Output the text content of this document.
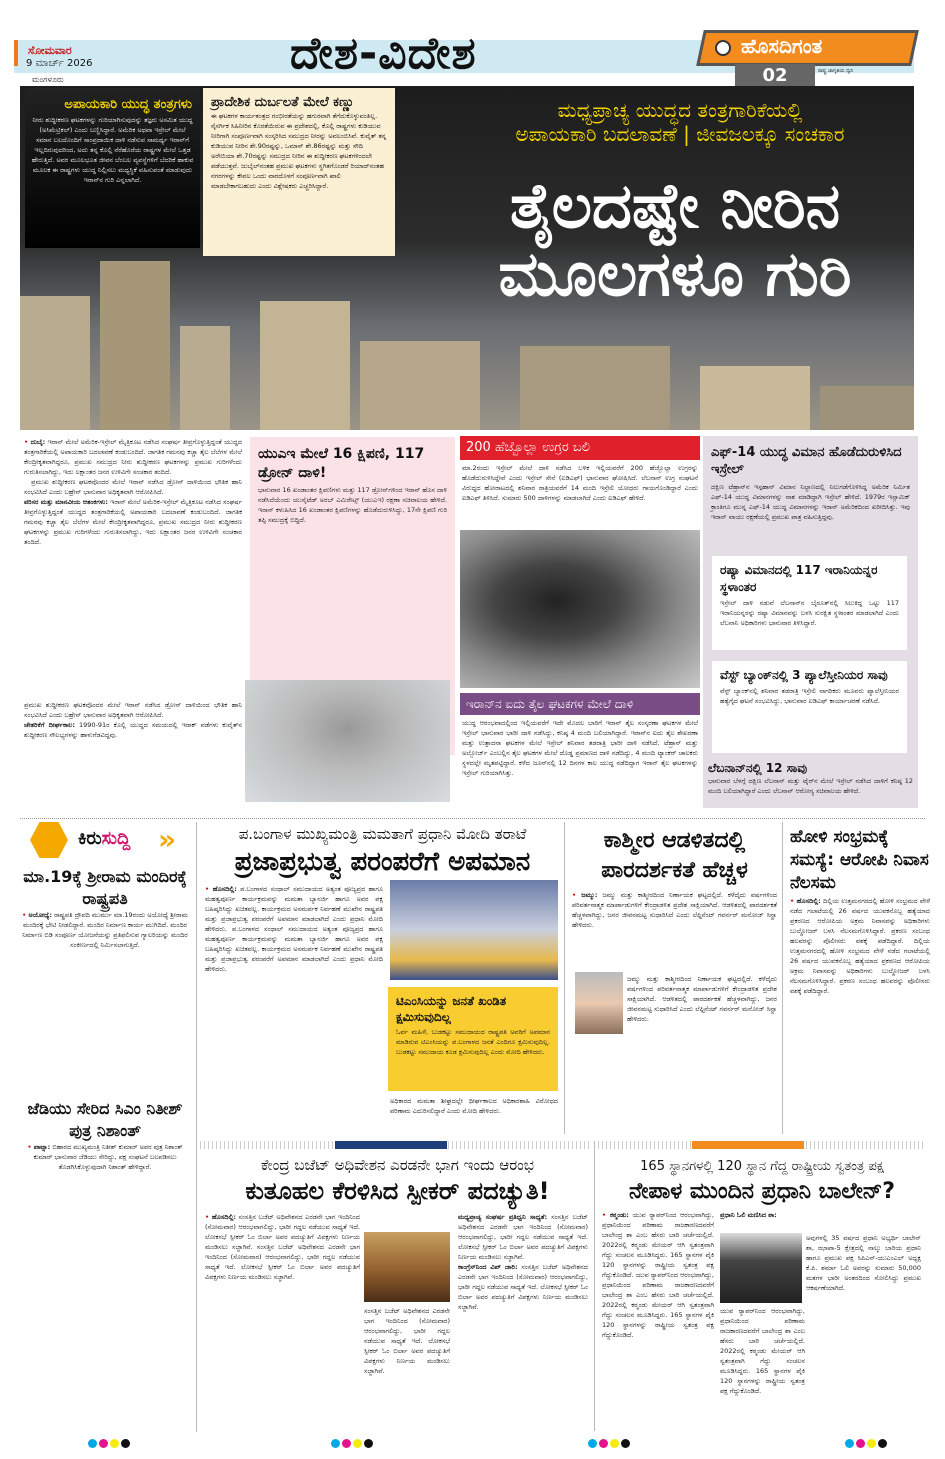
ಸೋಮವಾರ
9 ಮಾರ್ಚ್ 2026
ಮಂಗಳೂರು
ದೇಶ-ವಿದೇಶ	ಹೊಸದಿಗಂತ
ರಾಷ್ಟ್ರ ಜಾಗೃತಿಯ ಧ್ವನಿ
02
ಅಪಾಯಕಾರಿ ಯುದ್ಧ ತಂತ್ರಗಳು

ನೀರು ಶುದ್ಧೀಕರಣ ಘಟಕಗಳನ್ನು ಗುರಿಯಾಗಿಸುವುದನ್ನು ತಜ್ಞರು ಅಸಮಿತ ಯುದ್ಧ (ಅಸಿಮೆಟ್ರಿಕಲ್) ಎಂದು ಬಣ್ಣಿಸಿದ್ದಾರೆ. ಅಮೆರಿಕ ಅಥವಾ ಇಸ್ರೇಲ್ ಮೇಲೆ ಸಮಾನ ಬಲದೊಂದಿಗೆ ಸಾಂಪ್ರದಾಯಿಕ ದಾಳಿ ನಡೆಸುವ ಸಾಮರ್ಥ್ಯ ಇರಾನ್‌ಗೆ ಇಲ್ಲದಿರುವುದರಿಂದ, ಅದು ತನ್ನ ಕೊಲ್ಲಿ ನೆರೆಹೊರೆಯ ರಾಷ್ಟ್ರಗಳ ಮೇಲೆ ಒತ್ತಡ ಹೇರುತ್ತಿದೆ. ಅವರ ಮೂಲಭೂತ ಜೀವನ ಬೆಂಬಲ ವ್ಯವಸ್ಥೆಗಳಿಗೆ ಬೆದರಿಕೆ ಹಾಕುವ ಮೂಲಕ ಈ ರಾಷ್ಟ್ರಗಳು ಯುದ್ಧ ನಿಲ್ಲಿಸಲು ಮಧ್ಯಸ್ಥಿಕೆ ವಹಿಸುವಂತೆ ಮಾಡುವುದು ಇರಾನ್‌ನ ಗುರಿ ಎನ್ನಲಾಗಿದೆ.

ಪ್ರಾದೇಶಿಕ ದುರ್ಬಲತೆ ಮೇಲೆ ಕಣ್ಣು

ಈ ಘಟಕಗಳ ಕಾರ್ಯತಂತ್ರದ ಗಂಭೀರತೆಯನ್ನು ಹಗುರವಾಗಿ ತೆಗೆದುಕೊಳ್ಳುವಂತಿಲ್ಲ. ನೈಸರ್ಗಿಕ ಸಿಹಿನೀರಿನ ಕೊರತೆಯಿರುವ ಈ ಪ್ರದೇಶದಲ್ಲಿ, ಕೊಲ್ಲಿ ರಾಷ್ಟ್ರಗಳು ಕುಡಿಯುವ ನೀರಿಗಾಗಿ ಸಂಪೂರ್ಣವಾಗಿ ಸಂಸ್ಕರಿಸಿದ ಸಮುದ್ರದ ನೀರನ್ನು ಅವಲಂಬಿಸಿವೆ. ಕುವೈತ್ ತನ್ನ ಕುಡಿಯುವ ನೀರಿನ ಶೇ.90ರಷ್ಟನ್ನು, ಒಮಾನ್ ಶೇ.86ರಷ್ಟನ್ನು ಮತ್ತು ಸೌದಿ ಅರೇಬಿಯಾ ಶೇ.70ರಷ್ಟನ್ನು ಸಮುದ್ರದ ನೀರಿನ ಈ ಶುದ್ಧೀಕರಣ ಘಟಕಗಳಿಂದಲೇ ಪಡೆಯುತ್ತವೆ. ಜುಬೈಲ್‌ನಂತಹ ಪ್ರಮುಖ ಘಟಕಗಳು ಸ್ಥಗಿತಗೊಂಡರೆ ರಿಯಾದ್‌ನಂತಹ ನಗರಗಳನ್ನು ಕೇವಲ ಒಂದು ವಾರದೊಳಗೆ ಸಂಪೂರ್ಣವಾಗಿ ಖಾಲಿ ಮಾಡಬೇಕಾಗಬಹುದು ಎಂದು ವಿಶ್ಲೇಷಕರು ಎಚ್ಚರಿಸಿದ್ದಾರೆ.

ಮಧ್ಯಪ್ರಾಚ್ಯ ಯುದ್ಧದ ತಂತ್ರಗಾರಿಕೆಯಲ್ಲಿ
ಅಪಾಯಕಾರಿ ಬದಲಾವಣೆ | ಜೀವಜಲಕ್ಕೂ ಸಂಚಕಾರ
ತೈಲದಷ್ಟೇ ನೀರಿನ
ಮೂಲಗಳೂ ಗುರಿ
• ದುಬೈ: ಇರಾನ್ ಮೇಲೆ ಅಮೆರಿಕ-ಇಸ್ರೇಲ್ ಮೈತ್ರಿಕೂಟ ನಡೆಸಿದ ಸಂಘರ್ಷ ತೀವ್ರಗೊಳ್ಳುತ್ತಿದ್ದಂತೆ ಯುದ್ಧದ ತಂತ್ರಗಾರಿಕೆಯಲ್ಲಿ ಅಪಾಯಕಾರಿ ಬದಲಾವಣೆ ಕಂಡುಬಂದಿದೆ. ಜಾಗತಿಕ ಗಮನವು ಕಚ್ಚಾ ತೈಲ ಬೆಲೆಗಳ ಮೇಲೆ ಕೇಂದ್ರೀಕೃತವಾಗಿದ್ದರೂ, ಪ್ರಮುಖ ಸಮುದ್ರದ ನೀರು ಶುದ್ಧೀಕರಣ ಘಟಕಗಳನ್ನು ಪ್ರಮುಖ ಗುರಿಗಳೆಂದು ಗುರುತಿಸಲಾಗಿದ್ದು, ಇದು ಲಕ್ಷಾಂತರ ಜನರ ಉಳಿವಿಗೇ ಸಂಚಕಾರ ತಂದಿದೆ.
ಪ್ರಮುಖ ಶುದ್ಧೀಕರಣ ಘಟಕವೊಂದರ ಮೇಲೆ ಇರಾನ್ ನಡೆಸಿದ ಡ್ರೋನ್ ದಾಳಿಯಿಂದ ಭೌತಿಕ ಹಾನಿ ಸಂಭವಿಸಿದೆ ಎಂದು ಬಹ್ರೇನ್ ಭಾನುವಾರ ಅಧಿಕೃತವಾಗಿ ಆರೋಪಿಸಿದೆ.
ಪರಿಸರ ಮತ್ತು ಮಾನವೀಯ ಆತಂಕಗಳು: ಇರಾನ್ ಮೇಲೆ ಅಮೆರಿಕ-ಇಸ್ರೇಲ್ ಮೈತ್ರಿಕೂಟ ನಡೆಸಿದ ಸಂಘರ್ಷ ತೀವ್ರಗೊಳ್ಳುತ್ತಿದ್ದಂತೆ ಯುದ್ಧದ ತಂತ್ರಗಾರಿಕೆಯಲ್ಲಿ ಅಪಾಯಕಾರಿ ಬದಲಾವಣೆ ಕಂಡುಬಂದಿದೆ. ಜಾಗತಿಕ ಗಮನವು ಕಚ್ಚಾ ತೈಲ ಬೆಲೆಗಳ ಮೇಲೆ ಕೇಂದ್ರೀಕೃತವಾಗಿದ್ದರೂ, ಪ್ರಮುಖ ಸಮುದ್ರದ ನೀರು ಶುದ್ಧೀಕರಣ ಘಟಕಗಳನ್ನು ಪ್ರಮುಖ ಗುರಿಗಳೆಂದು ಗುರುತಿಸಲಾಗಿದ್ದು, ಇದು ಲಕ್ಷಾಂತರ ಜನರ ಉಳಿವಿಗೇ ಸಂಚಕಾರ ತಂದಿದೆ.
ಪ್ರಮುಖ ಶುದ್ಧೀಕರಣ ಘಟಕವೊಂದರ ಮೇಲೆ ಇರಾನ್ ನಡೆಸಿದ ಡ್ರೋನ್ ದಾಳಿಯಿಂದ ಭೌತಿಕ ಹಾನಿ ಸಂಭವಿಸಿದೆ ಎಂದು ಬಹ್ರೇನ್ ಭಾನುವಾರ ಅಧಿಕೃತವಾಗಿ ಆರೋಪಿಸಿದೆ.
ಚೇತರಿಕೆಗೆ ದೀರ್ಘಕಾಲ: 1990-91ರ ಕೊಲ್ಲಿ ಯುದ್ಧದ ಸಮಯದಲ್ಲಿ ಇರಾಕ್ ಪಡೆಗಳು ಕುವೈತ್‌ನ ಶುದ್ಧೀಕರಣ ಸೌಲಭ್ಯಗಳನ್ನು ಹಾಳುಗೆಡವಿದ್ದವು.
ಯುಎಇ ಮೇಲೆ 16 ಕ್ಷಿಪಣಿ, 117 ಡ್ರೋನ್ ದಾಳಿ!

ಭಾನುವಾರ 16 ಖಂಡಾಂತರ ಕ್ಷಿಪಣಿಗಳು ಮತ್ತು 117 ಡ್ರೋನ್‌ಗಳಿಂದ ಇರಾನ್ ಹೊಸ ದಾಳಿ ನಡೆಸಿದೆಯೆಂದು ಯುನೈಟೆಡ್ ಅರಬ್ ಎಮಿರೇಟ್ಸ್ (ಯುಎಇ) ರಕ್ಷಣಾ ಸಚಿವಾಲಯ ಹೇಳಿದೆ. ಇರಾನ್ ಕಳುಹಿಸಿದ 16 ಖಂಡಾಂತರ ಕ್ಷಿಪಣಿಗಳನ್ನು ಹೊಡೆದುರುಳಿಸಿದ್ದು, 17ನೇ ಕ್ಷಿಪಣಿ ಗುರಿ ತಪ್ಪಿ ಸಮುದ್ರಕ್ಕೆ ಬಿದ್ದಿದೆ.

200 ಹೆಜ್ಬೊಲ್ಲಾ ಉಗ್ರರ ಬಲಿ
ಮಾ.2ರಂದು ಇಸ್ರೇಲ್ ಮೇಲೆ ದಾಳಿ ನಡೆಸಿದ ಬಳಿಕ ಇಲ್ಲಿಯವರೆಗೆ 200 ಹೆಜ್ಬೊಲ್ಲಾ ಉಗ್ರರನ್ನು ಹೊಡೆದುರುಳಿಸಿದ್ದೇವೆ ಎಂದು ಇಸ್ರೇಲ್ ಸೇನೆ (ಐಡಿಎಫ್) ಭಾನುವಾರ ಘೋಷಿಸಿದೆ. ಲೆಬನಾನ್ ಉಗ್ರ ಸಂಘಟನೆ ವಿರುದ್ಧದ ಹೋರಾಟದಲ್ಲಿ ಶನಿವಾರ ರಾತ್ರಿಯವರೆಗೆ 14 ಮಂದಿ ಇಸ್ರೇಲಿ ಯೋಧರು ಗಾಯಗೊಂಡಿದ್ದಾರೆ ಎಂದು ಐಡಿಎಫ್ ತಿಳಿಸಿದೆ. ಸುಮಾರು 500 ದಾಳಿಗಳನ್ನು ಮಾಡಲಾಗಿದೆ ಎಂದು ಐಡಿಎಫ್ ಹೇಳಿದೆ.
ಇರಾನ್‌ನ ಐದು ತೈಲ ಘಟಕಗಳ ಮೇಲೆ ದಾಳಿ
ಯುದ್ಧ ಆರಂಭವಾದಲ್ಲಿಂದ ಇಲ್ಲಿಯವರೆಗೆ ಇದೇ ಮೊದಲ ಬಾರಿಗೆ ಇರಾನ್ ತೈಲ ಸಂಸ್ಕರಣಾ ಘಟಕಗಳ ಮೇಲೆ ಇಸ್ರೇಲ್ ಭಾನುವಾರ ಭಾರೀ ದಾಳಿ ನಡೆಸಿದ್ದು, ಕನಿಷ್ಠ 4 ಮಂದಿ ಬಲಿಯಾಗಿದ್ದಾರೆ. ಇರಾನ್‌ನ ಐದು ತೈಲ ಶೇಖರಣಾ ಮತ್ತು ಉತ್ಪಾದನಾ ಘಟಕಗಳ ಮೇಲೆ ಇಸ್ರೇಲ್ ಶನಿವಾರ ತಡರಾತ್ರಿ ಭಾರೀ ದಾಳಿ ನಡೆಸಿದೆ. ಟೆಹ್ರಾನ್ ಮತ್ತು ಅಲ್ಬೋರ್ಜ್ ಎಂಬಲ್ಲಿನ ತೈಲ ಘಟಕಗಳ ಮೇಲೆ ದೊಡ್ಡ ಪ್ರಮಾಣದ ದಾಳಿ ನಡೆದಿದ್ದು, 4 ಮಂದಿ ಟ್ಯಾಂಕರ್ ಚಾಲಕರು ಸ್ಥಳದಲ್ಲೇ ಮೃತಪಟ್ಟಿದ್ದಾರೆ. ಕಳೆದ ಜೂನ್‌ನಲ್ಲಿ 12 ದಿನಗಳ ಕಾಲ ಯುದ್ಧ ನಡೆದಿದ್ದಾಗ ಇರಾನ್ ತೈಲ ಘಟಕಗಳನ್ನು ಇಸ್ರೇಲ್ ಗುರಿಯಾಗಿಸಿತ್ತು.
ಎಫ್-14 ಯುದ್ಧ ವಿಮಾನ ಹೊಡೆದುರುಳಿಸಿದ ಇಸ್ರೇಲ್

ದಕ್ಷಿಣ ಟೆಹ್ರಾನ್‌ನ ಇಸ್ಫಹಾನ್ ವಿಮಾನ ನಿಲ್ದಾಣದಲ್ಲಿ ನಿಲುಗಡೆಗೊಳಿಸಿದ್ದ ಅಮೆರಿಕ ನಿರ್ಮಿತ ಎಫ್-14 ಯುದ್ಧ ವಿಮಾನಗಳನ್ನು ನಾಶ ಮಾಡಿದ್ದಾಗಿ ಇಸ್ರೇಲ್ ಹೇಳಿದೆ. 1979ರ ಇಸ್ಲಾಮಿಕ್ ಕ್ರಾಂತಿಗೂ ಮುನ್ನ ಎಫ್-14 ಯುದ್ಧ ವಿಮಾನಗಳನ್ನು ಇರಾನ್ ಅಮೆರಿಕದಿಂದ ಖರೀದಿಸಿತ್ತು. ಇವು ಇರಾನ್ ವಾಯು ರಕ್ಷಣೆಯಲ್ಲಿ ಪ್ರಮುಖ ಪಾತ್ರ ವಹಿಸುತ್ತಿದ್ದವು.

ರಷ್ಯಾ ವಿಮಾನದಲ್ಲಿ 117 ಇರಾನಿಯನ್ನರ ಸ್ಥಳಾಂತರ

ಇಸ್ರೇಲ್ ದಾಳಿ ನಡುವೆ ಲೆಬನಾನ್‌ನ ಬೈರೂತ್‌ನಲ್ಲಿ ಸಿಲುಕಿದ್ದ ಒಟ್ಟು 117 ಇರಾನಿಯನ್ನರನ್ನು ರಷ್ಯಾ ವಿಮಾನವನ್ನು ಬಳಸಿ ಸುರಕ್ಷಿತ ಸ್ಥಳಾಂತರ ಮಾಡಲಾಗಿದೆ ಎಂದು ಲೆಬನಾನಿ ಅಧಿಕಾರಿಗಳು ಭಾನುವಾರ ತಿಳಿಸಿದ್ದಾರೆ.

ವೆಸ್ಟ್ ಬ್ಯಾಂಕ್‌ನಲ್ಲಿ 3 ಪ್ಯಾಲೆಸ್ತೀನಿಯರ ಸಾವು

ವೆಸ್ಟ್ ಬ್ಯಾಂಕ್‌ನಲ್ಲಿ ಶನಿವಾರ ತಡರಾತ್ರಿ ಇಸ್ರೇಲಿ ನಾಗರಿಕರು ಮೂವರು ಪ್ಯಾಲೆಸ್ತೀನಿಯರ ಹತ್ಯೆಗೈದ ಘಟನೆ ಸಂಭವಿಸಿದ್ದು, ಭಾನುವಾರ ಐಡಿಎಫ್ ಕಾರ್ಯಾಚರಣೆ ನಡೆಸಿದೆ.

ಲೆಬನಾನ್‌ನಲ್ಲಿ 12 ಸಾವು

ಭಾನುವಾರ ಬೆಳಗ್ಗೆ ದಕ್ಷಿಣ ಲೆಬನಾನ್ ಮತ್ತು ಟೈರ್‌ನ ಮೇಲೆ ಇಸ್ರೇಲ್ ನಡೆಸಿದ ದಾಳಿಗೆ ಕನಿಷ್ಠ 12 ಮಂದಿ ಬಲಿಯಾಗಿದ್ದಾರೆ ಎಂದು ಲೆಬನಾನ್ ಆರೋಗ್ಯ ಸಚಿವಾಲಯ ಹೇಳಿದೆ.

ಕಿರುಸುದ್ದಿ »
ಮಾ.19ಕ್ಕೆ ಶ್ರೀರಾಮ ಮಂದಿರಕ್ಕೆ ರಾಷ್ಟ್ರಪತಿ

• ಅಯೋಧ್ಯೆ: ರಾಷ್ಟ್ರಪತಿ ದ್ರೌಪದಿ ಮುರ್ಮು ಮಾ.19ರಂದು ಅಯೋಧ್ಯೆ ಶ್ರೀರಾಮ ಮಂದಿರಕ್ಕೆ ಭೇಟಿ ನೀಡಲಿದ್ದಾರೆ. ಮಂದಿರ ನಿರ್ಮಾಣ ಕಾರ್ಯ ಮುಗಿದಿದೆ. ಮಂದಿರ ನಿರ್ಮಾಣ ಬಿಡಿ ಸಂಪೂರ್ಣ ಯೋಜನೆಯನ್ನು ಪ್ರತಿಫಲಿಸುವ ಗ್ಯಾಲರಿಯನ್ನು ಮಂದಿರ ಸಂಕೀರ್ಣದಲ್ಲಿ ನಿರ್ಮಿಸಲಾಗುತ್ತಿದೆ.

ಜೆಡಿಯು ಸೇರಿದ ಸಿಎಂ ನಿತೀಶ್ ಪುತ್ರ ನಿಶಾಂತ್

• ಪಾಟ್ನಾ: ಬಿಹಾರದ ಮುಖ್ಯಮಂತ್ರಿ ನಿತೀಶ್ ಕುಮಾರ್ ಅವರ ಪುತ್ರ ನಿಶಾಂತ್ ಕುಮಾರ್ ಭಾನುವಾರ ಜೆಡಿಯು ಸೇರಿದ್ದು, ಪಕ್ಷ ಸಂಘಟನೆ ಬಲಪಡಿಸಲು ತೊಡಗಿಸಿಕೊಳ್ಳುವುದಾಗಿ ನಿಶಾಂತ್ ಹೇಳಿದ್ದಾರೆ.

ಪ.ಬಂಗಾಳ ಮುಖ್ಯಮಂತ್ರಿ ಮಮತಾಗೆ ಪ್ರಧಾನಿ ಮೋದಿ ತರಾಟೆ
ಪ್ರಜಾಪ್ರಭುತ್ವ ಪರಂಪರೆಗೆ ಅಪಮಾನ
• ಹೊಸದಿಲ್ಲಿ: ಪ.ಬಂಗಾಳದ ಸಂಥಾಲ್ ಸಮುದಾಯದ ಅತ್ಯಂತ ಪೂಜ್ಯಪ್ರದ ಹಾಗೂ ಮಹತ್ವಪೂರ್ಣ ಕಾರ್ಯಕ್ರಮವನ್ನು ಮಮತಾ ಬ್ಯಾನರ್ಜಿ ಹಾಗೂ ಅವರ ಪಕ್ಷ ಬಹಿಷ್ಕರಿಸಿದ್ದು ಖಚಿತವಲ್ಲ. ಕಾರ್ಯಕ್ರಮದ ಅಸಮರ್ಪಕ ನಿರ್ವಹಣೆ ಮುಖೇನ ರಾಷ್ಟ್ರಪತಿ ಮತ್ತು ಪ್ರಜಾಪ್ರಭುತ್ವ ಪರಂಪರೆಗೆ ಅಪಮಾನ ಮಾಡಲಾಗಿದೆ ಎಂದು ಪ್ರಧಾನಿ ಮೋದಿ ಹೇಳಿದರು. ಪ.ಬಂಗಾಳದ ಸಂಥಾಲ್ ಸಮುದಾಯದ ಅತ್ಯಂತ ಪೂಜ್ಯಪ್ರದ ಹಾಗೂ ಮಹತ್ವಪೂರ್ಣ ಕಾರ್ಯಕ್ರಮವನ್ನು ಮಮತಾ ಬ್ಯಾನರ್ಜಿ ಹಾಗೂ ಅವರ ಪಕ್ಷ ಬಹಿಷ್ಕರಿಸಿದ್ದು ಖಚಿತವಲ್ಲ. ಕಾರ್ಯಕ್ರಮದ ಅಸಮರ್ಪಕ ನಿರ್ವಹಣೆ ಮುಖೇನ ರಾಷ್ಟ್ರಪತಿ ಮತ್ತು ಪ್ರಜಾಪ್ರಭುತ್ವ ಪರಂಪರೆಗೆ ಅಪಮಾನ ಮಾಡಲಾಗಿದೆ ಎಂದು ಪ್ರಧಾನಿ ಮೋದಿ ಹೇಳಿದರು.
ಟಿಎಂಸಿಯನ್ನು ಜನತೆ ಖಂಡಿತ ಕ್ಷಮಿಸುವುದಿಲ್ಲ

ಓರ್ವ ಮಹಿಳೆ, ಬುಡಕಟ್ಟು ಸಮುದಾಯದ ರಾಷ್ಟ್ರಪತಿ ಅವರಿಗೆ ಅಪಮಾನ ಮಾಡಿರುವ ಟಿಎಂಸಿಯನ್ನು ಪ.ಬಂಗಾಳದ ಜನತೆ ಎಂದಿಗೂ ಕ್ಷಮಿಸುವುದಿಲ್ಲ. ಬುಡಕಟ್ಟು ಸಮುದಾಯ ಕೂಡ ಕ್ಷಮಿಸುವುದಿಲ್ಲ ಎಂದು ಮೋದಿ ಹೇಳಿದರು.

ಅಧಿಕಾರದ ಮಮತಾ ಶೀಘ್ರದಲ್ಲೇ ಧೀರ್ಘಕಾಲದ ಅಧಿಕಾರಶಾಹಿ ವಿರೋಧದ ಪರಿಣಾಮ ಎದುರಿಸಲಿದ್ದಾರೆ ಎಂದು ಮೋದಿ ಹೇಳಿದರು.
ಕಾಶ್ಮೀರ ಆಡಳಿತದಲ್ಲಿ ಪಾರದರ್ಶಕತೆ ಹೆಚ್ಚಳ
• ಜಮ್ಮು: ಜಮ್ಮು ಮತ್ತು ಕಾಶ್ಮೀರದಿಂದ ನಿರ್ಣಾಯಕ ಘಟ್ಟದಲ್ಲಿದೆ. ಕಳೆದೈದು ವರ್ಷಗಳಿಂದ ಪರಿವರ್ತನಾತ್ಮಕ ಮಾರ್ಪಾಡುಗಳಿಗೆ ಕೇಂದ್ರಾಡಳಿತ ಪ್ರದೇಶ ಸಾಕ್ಷಿಯಾಗಿದೆ. ಆಡಳಿತದಲ್ಲಿ ಪಾರದರ್ಶಕತೆ ಹೆಚ್ಚಳವಾಗಿದ್ದು, ಜನರ ಜೀವನಮಟ್ಟ ಸುಧಾರಿಸಿದೆ ಎಂದು ಲೆಫ್ಟಿನೆಂಟ್ ಗವರ್ನರ್ ಮನೋಜ್ ಸಿನ್ಹಾ ಹೇಳಿದರು.
ಜಮ್ಮು ಮತ್ತು ಕಾಶ್ಮೀರದಿಂದ ನಿರ್ಣಾಯಕ ಘಟ್ಟದಲ್ಲಿದೆ. ಕಳೆದೈದು ವರ್ಷಗಳಿಂದ ಪರಿವರ್ತನಾತ್ಮಕ ಮಾರ್ಪಾಡುಗಳಿಗೆ ಕೇಂದ್ರಾಡಳಿತ ಪ್ರದೇಶ ಸಾಕ್ಷಿಯಾಗಿದೆ. ಆಡಳಿತದಲ್ಲಿ ಪಾರದರ್ಶಕತೆ ಹೆಚ್ಚಳವಾಗಿದ್ದು, ಜನರ ಜೀವನಮಟ್ಟ ಸುಧಾರಿಸಿದೆ ಎಂದು ಲೆಫ್ಟಿನೆಂಟ್ ಗವರ್ನರ್ ಮನೋಜ್ ಸಿನ್ಹಾ ಹೇಳಿದರು.
ಹೋಳಿ ಸಂಭ್ರಮಕ್ಕೆ ಸಮಸ್ಯೆ: ಆರೋಪಿ ನಿವಾಸ ನೆಲಸಮ
• ಹೊಸದಿಲ್ಲಿ: ದಿಲ್ಲಿಯ ಉತ್ತಮನಗರದಲ್ಲಿ ಹೋಳಿ ಸಂಭ್ರಮದ ವೇಳೆ ನಡೆದ ಗಲಾಟೆಯಲ್ಲಿ 26 ವರ್ಷದ ಯುವಕನೊಬ್ಬ ಹತ್ಯೆಯಾದ ಪ್ರಕರಣದ ಆರೋಪಿಯ ಅಕ್ರಮ ನಿವಾಸವನ್ನು ಅಧಿಕಾರಿಗಳು ಬುಲ್ಡೋಜರ್ ಬಳಸಿ ನೆಲಸಮಗೊಳಿಸಿದ್ದಾರೆ. ಪ್ರಕರಣ ಸಂಬಂಧ ಹಲವರನ್ನು ಪೊಲೀಸರು ವಶಕ್ಕೆ ಪಡೆದಿದ್ದಾರೆ. ದಿಲ್ಲಿಯ ಉತ್ತಮನಗರದಲ್ಲಿ ಹೋಳಿ ಸಂಭ್ರಮದ ವೇಳೆ ನಡೆದ ಗಲಾಟೆಯಲ್ಲಿ 26 ವರ್ಷದ ಯುವಕನೊಬ್ಬ ಹತ್ಯೆಯಾದ ಪ್ರಕರಣದ ಆರೋಪಿಯ ಅಕ್ರಮ ನಿವಾಸವನ್ನು ಅಧಿಕಾರಿಗಳು ಬುಲ್ಡೋಜರ್ ಬಳಸಿ ನೆಲಸಮಗೊಳಿಸಿದ್ದಾರೆ. ಪ್ರಕರಣ ಸಂಬಂಧ ಹಲವರನ್ನು ಪೊಲೀಸರು ವಶಕ್ಕೆ ಪಡೆದಿದ್ದಾರೆ.
ಕೇಂದ್ರ ಬಜೆಟ್ ಅಧಿವೇಶನ ಎರಡನೇ ಭಾಗ ಇಂದು ಆರಂಭ
ಕುತೂಹಲ ಕೆರಳಿಸಿದ ಸ್ಪೀಕರ್ ಪದಚ್ಯುತಿ!
• ಹೊಸದಿಲ್ಲಿ: ಸಂಸತ್ತಿನ ಬಜೆಟ್ ಅಧಿವೇಶನದ ಎರಡನೇ ಭಾಗ ಇಂದಿನಿಂದ (ಸೋಮವಾರ) ಆರಂಭವಾಗಲಿದ್ದು, ಭಾರೀ ಗದ್ದಲ ನಡೆಯುವ ಸಾಧ್ಯತೆ ಇದೆ. ಲೋಕಸಭೆ ಸ್ಪೀಕರ್ ಓಂ ಬಿರ್ಲಾ ಅವರ ಪದಚ್ಯುತಿಗೆ ವಿಪಕ್ಷಗಳು ನಿರ್ಣಯ ಮಂಡಿಸಲು ಸಜ್ಜಾಗಿವೆ. ಸಂಸತ್ತಿನ ಬಜೆಟ್ ಅಧಿವೇಶನದ ಎರಡನೇ ಭಾಗ ಇಂದಿನಿಂದ (ಸೋಮವಾರ) ಆರಂಭವಾಗಲಿದ್ದು, ಭಾರೀ ಗದ್ದಲ ನಡೆಯುವ ಸಾಧ್ಯತೆ ಇದೆ. ಲೋಕಸಭೆ ಸ್ಪೀಕರ್ ಓಂ ಬಿರ್ಲಾ ಅವರ ಪದಚ್ಯುತಿಗೆ ವಿಪಕ್ಷಗಳು ನಿರ್ಣಯ ಮಂಡಿಸಲು ಸಜ್ಜಾಗಿವೆ.
ಸಂಸತ್ತಿನ ಬಜೆಟ್ ಅಧಿವೇಶನದ ಎರಡನೇ ಭಾಗ ಇಂದಿನಿಂದ (ಸೋಮವಾರ) ಆರಂಭವಾಗಲಿದ್ದು, ಭಾರೀ ಗದ್ದಲ ನಡೆಯುವ ಸಾಧ್ಯತೆ ಇದೆ. ಲೋಕಸಭೆ ಸ್ಪೀಕರ್ ಓಂ ಬಿರ್ಲಾ ಅವರ ಪದಚ್ಯುತಿಗೆ ವಿಪಕ್ಷಗಳು ನಿರ್ಣಯ ಮಂಡಿಸಲು ಸಜ್ಜಾಗಿವೆ.
ಮಧ್ಯಪ್ರಾಚ್ಯ ಸಂಘರ್ಷ ಪ್ರತಿಧ್ವನಿ ಸಾಧ್ಯತೆ: ಸಂಸತ್ತಿನ ಬಜೆಟ್ ಅಧಿವೇಶನದ ಎರಡನೇ ಭಾಗ ಇಂದಿನಿಂದ (ಸೋಮವಾರ) ಆರಂಭವಾಗಲಿದ್ದು, ಭಾರೀ ಗದ್ದಲ ನಡೆಯುವ ಸಾಧ್ಯತೆ ಇದೆ. ಲೋಕಸಭೆ ಸ್ಪೀಕರ್ ಓಂ ಬಿರ್ಲಾ ಅವರ ಪದಚ್ಯುತಿಗೆ ವಿಪಕ್ಷಗಳು ನಿರ್ಣಯ ಮಂಡಿಸಲು ಸಜ್ಜಾಗಿವೆ.
ಕಾಂಗ್ರೆಸ್‌ನಿಂದ ವಿಪ್ ಜಾರಿ: ಸಂಸತ್ತಿನ ಬಜೆಟ್ ಅಧಿವೇಶನದ ಎರಡನೇ ಭಾಗ ಇಂದಿನಿಂದ (ಸೋಮವಾರ) ಆರಂಭವಾಗಲಿದ್ದು, ಭಾರೀ ಗದ್ದಲ ನಡೆಯುವ ಸಾಧ್ಯತೆ ಇದೆ. ಲೋಕಸಭೆ ಸ್ಪೀಕರ್ ಓಂ ಬಿರ್ಲಾ ಅವರ ಪದಚ್ಯುತಿಗೆ ವಿಪಕ್ಷಗಳು ನಿರ್ಣಯ ಮಂಡಿಸಲು ಸಜ್ಜಾಗಿವೆ.
165 ಸ್ಥಾನಗಳಲ್ಲಿ 120 ಸ್ಥಾನ ಗೆದ್ದ ರಾಷ್ಟ್ರೀಯ ಸ್ವತಂತ್ರ ಪಕ್ಷ
ನೇಪಾಳ ಮುಂದಿನ ಪ್ರಧಾನಿ ಬಾಲೇನ್?
• ಕಠ್ಮಂಡು: ಯುವ ರ‍್ಯಾಪರ್‌ನಿಂದ ಆರಂಭವಾಗಿದ್ದು, ಪ್ರಧಾನಿಯಿಂದ ಪರಿಣಾಮ ರಾಜಕಾರಣದವರೆಗೆ ಬಾಲೇಂದ್ರ ಶಾ ಎಂಬ ಹೆಸರು ಬಾರಿ ಚರ್ಚೆಯಲ್ಲಿದೆ. 2022ರಲ್ಲಿ ಕಠ್ಮಂಡು ಮೇಯರ್ ಆಗಿ ಸ್ವತಂತ್ರವಾಗಿ ಗೆದ್ದು ಸಂಚಲನ ಮೂಡಿಸಿದ್ದರು. 165 ಸ್ಥಾನಗಳ ಪೈಕಿ 120 ಸ್ಥಾನಗಳನ್ನು ರಾಷ್ಟ್ರೀಯ ಸ್ವತಂತ್ರ ಪಕ್ಷ ಗೆದ್ದುಕೊಂಡಿದೆ. ಯುವ ರ‍್ಯಾಪರ್‌ನಿಂದ ಆರಂಭವಾಗಿದ್ದು, ಪ್ರಧಾನಿಯಿಂದ ಪರಿಣಾಮ ರಾಜಕಾರಣದವರೆಗೆ ಬಾಲೇಂದ್ರ ಶಾ ಎಂಬ ಹೆಸರು ಬಾರಿ ಚರ್ಚೆಯಲ್ಲಿದೆ. 2022ರಲ್ಲಿ ಕಠ್ಮಂಡು ಮೇಯರ್ ಆಗಿ ಸ್ವತಂತ್ರವಾಗಿ ಗೆದ್ದು ಸಂಚಲನ ಮೂಡಿಸಿದ್ದರು. 165 ಸ್ಥಾನಗಳ ಪೈಕಿ 120 ಸ್ಥಾನಗಳನ್ನು ರಾಷ್ಟ್ರೀಯ ಸ್ವತಂತ್ರ ಪಕ್ಷ ಗೆದ್ದುಕೊಂಡಿದೆ.
ಪ್ರಧಾನಿ ಓಲಿ ಮಣಿಸಿದ ಶಾ:
ಅವುಗಳಲ್ಲಿ 35 ವರ್ಷದ ಪ್ರಧಾನಿ ಅಭ್ಯರ್ಥಿ ಬಾಲೇನ್ ಶಾ, ಝಾಪಾ-5 ಕ್ಷೇತ್ರದಲ್ಲಿ ನಾಲ್ಕು ಬಾರಿಯ ಪ್ರಧಾನಿ ಹಾಗೂ ಪ್ರಮುಖ ಪಕ್ಷ ಸಿಪಿಎನ್-ಯುಎಂಎಲ್ ಅಧ್ಯಕ್ಷ ಕೆ.ಪಿ. ಶರ್ಮಾ ಓಲಿ ಅವರನ್ನು ಸುಮಾರು 50,000 ಮತಗಳ ಭಾರೀ ಅಂತರದಿಂದ ಸೋಲಿಸಿದ್ದು ಪ್ರಮುಖ ಆಕರ್ಷಣೆಯಾಗಿದೆ.
ಯುವ ರ‍್ಯಾಪರ್‌ನಿಂದ ಆರಂಭವಾಗಿದ್ದು, ಪ್ರಧಾನಿಯಿಂದ ಪರಿಣಾಮ ರಾಜಕಾರಣದವರೆಗೆ ಬಾಲೇಂದ್ರ ಶಾ ಎಂಬ ಹೆಸರು ಬಾರಿ ಚರ್ಚೆಯಲ್ಲಿದೆ. 2022ರಲ್ಲಿ ಕಠ್ಮಂಡು ಮೇಯರ್ ಆಗಿ ಸ್ವತಂತ್ರವಾಗಿ ಗೆದ್ದು ಸಂಚಲನ ಮೂಡಿಸಿದ್ದರು. 165 ಸ್ಥಾನಗಳ ಪೈಕಿ 120 ಸ್ಥಾನಗಳನ್ನು ರಾಷ್ಟ್ರೀಯ ಸ್ವತಂತ್ರ ಪಕ್ಷ ಗೆದ್ದುಕೊಂಡಿದೆ.
